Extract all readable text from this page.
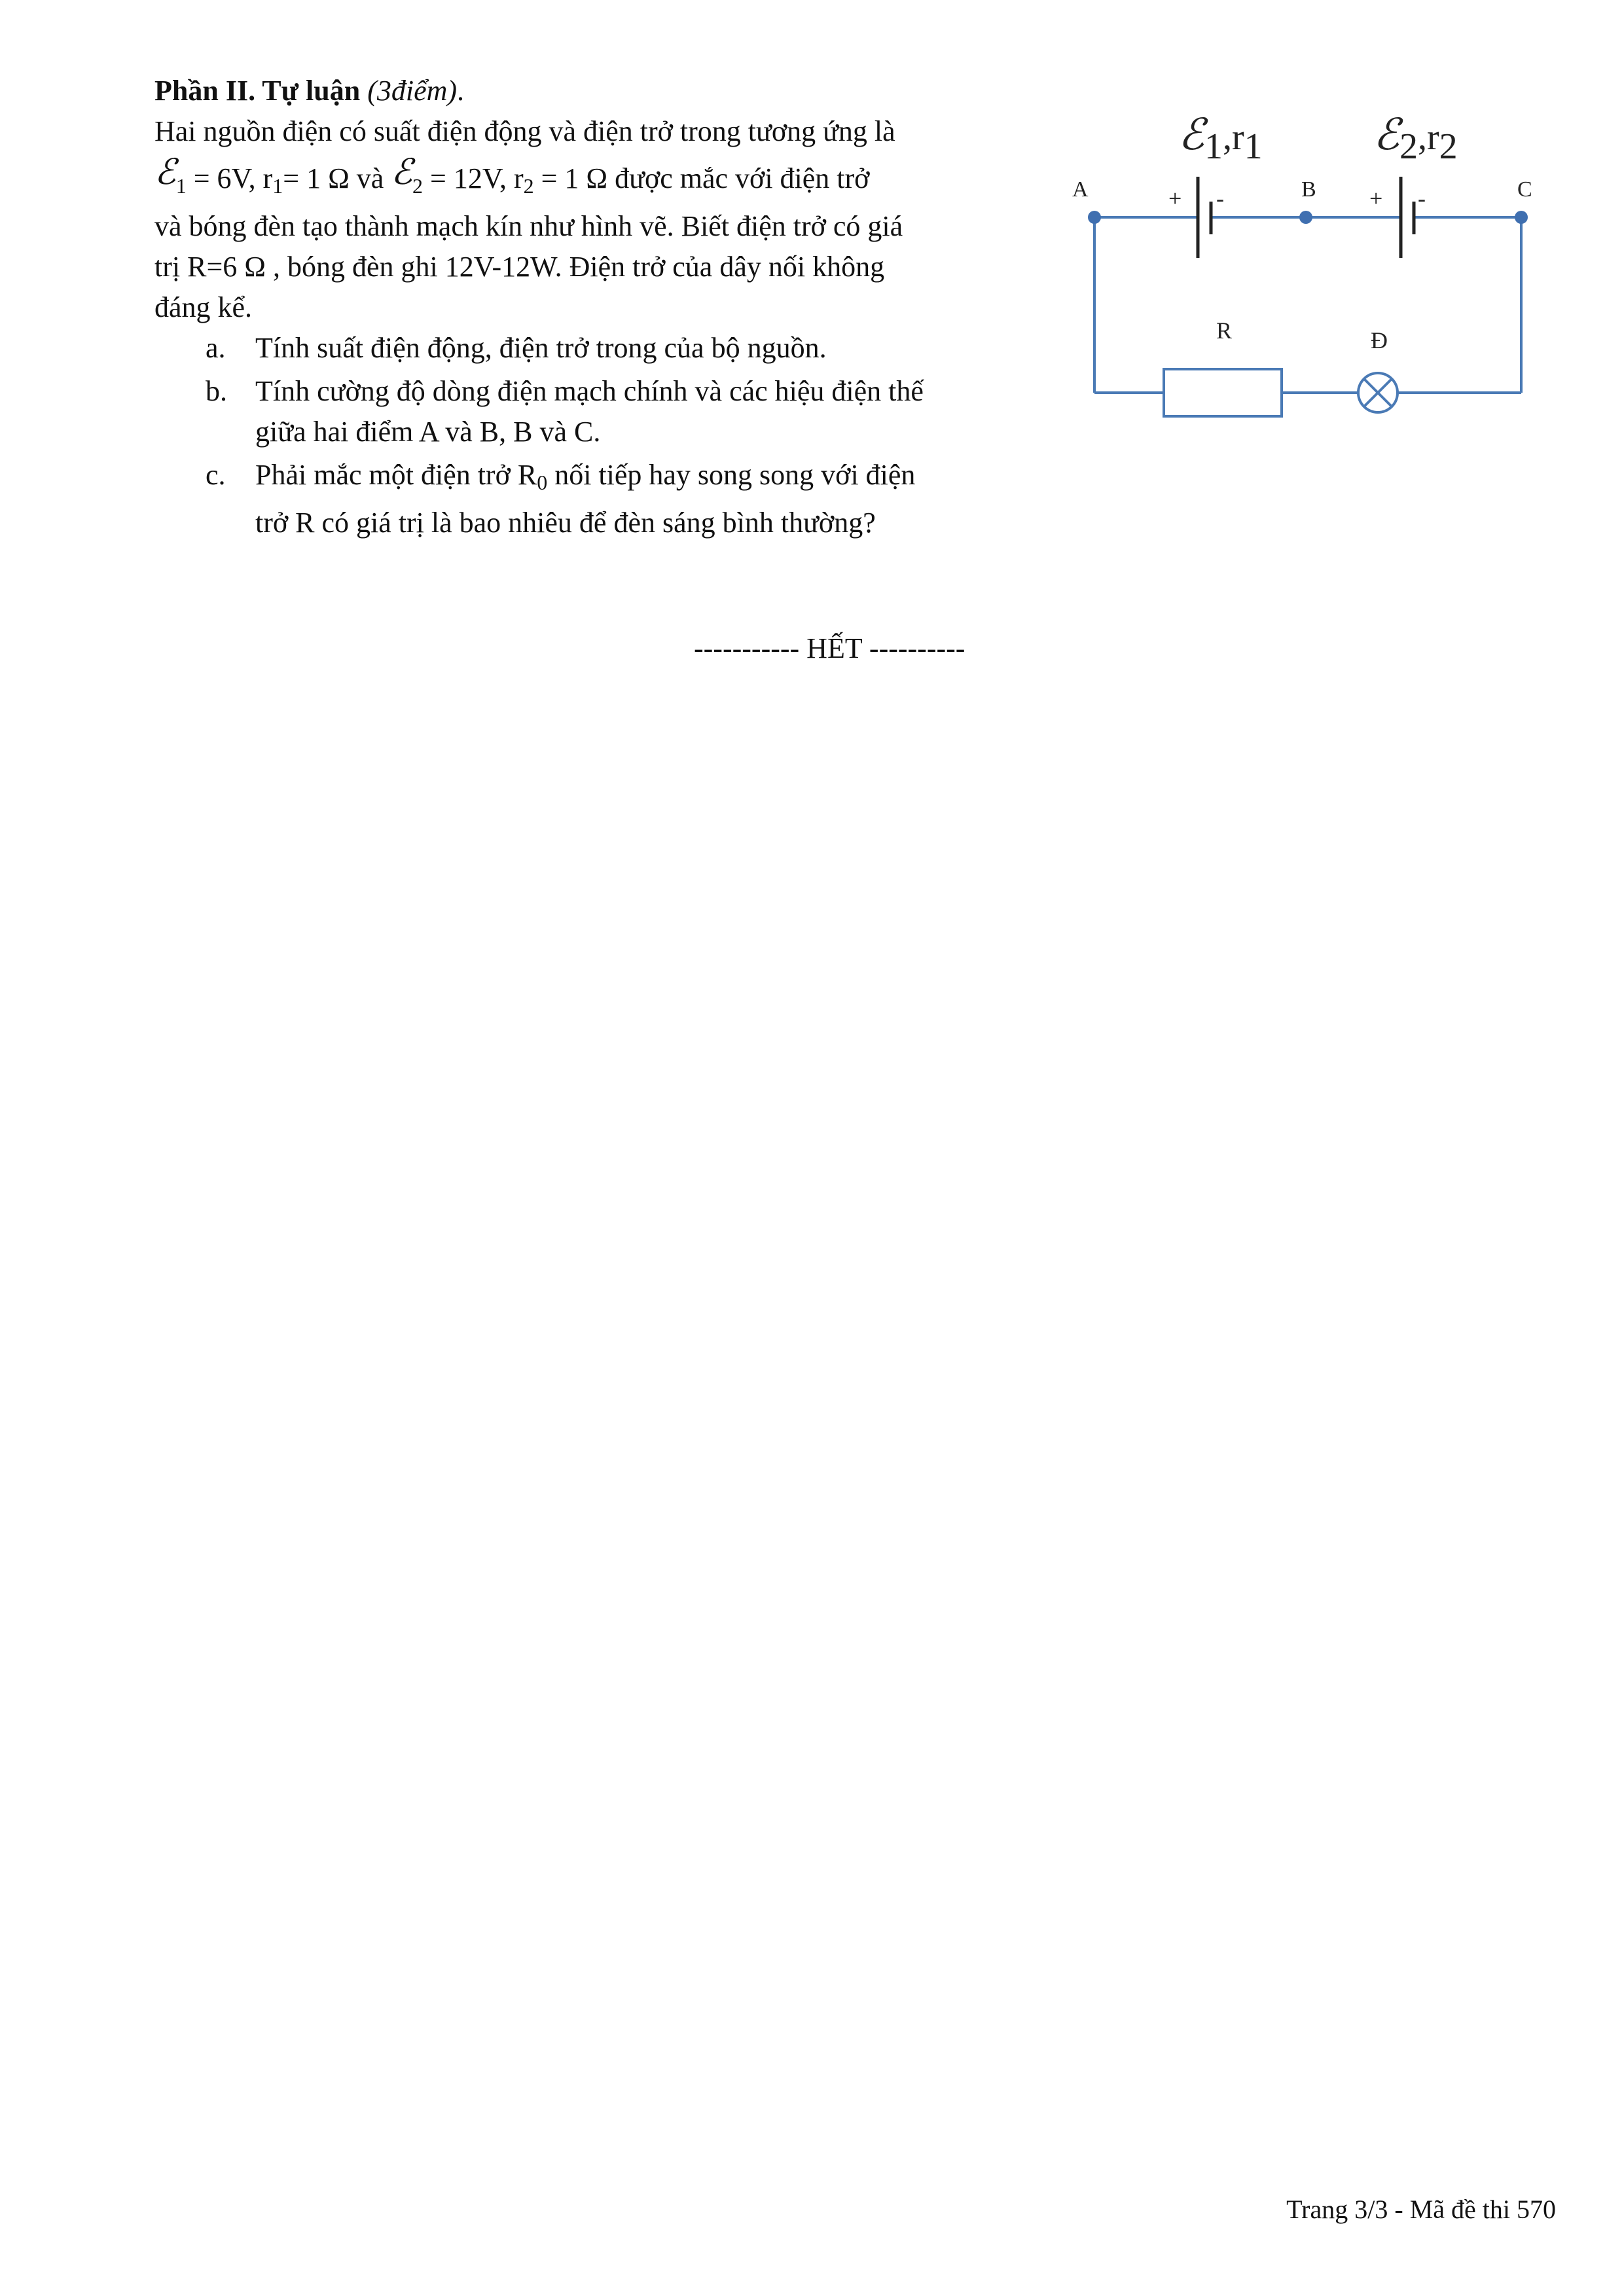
Phần II. Tự luận (3điểm).
Hai nguồn điện có suất điện động và điện trở trong tương ứng là
ℰ$_1$ = 6V, $r_1= 1$ Ω và ℰ$_2$ = 12V, $r_2 = 1$ Ω được mắc với điện trở
và bóng đèn tạo thành mạch kín như hình vẽ. Biết điện trở có giá
trị R=6 Ω , bóng đèn ghi 12V-12W. Điện trở của dây nối không
đáng kể.
a. Tính suất điện động, điện trở trong của bộ nguồn.
b. Tính cường độ dòng điện mạch chính và các hiệu điện thế
giữa hai điểm A và B, B và C.
c. Phải mắc một điện trở $R_0$ nối tiếp hay song song với điện
trở R có giá trị là bao nhiêu để đèn sáng bình thường?
----------- HẾT ----------
ℰ1,r1	ℰ2,r2
A	B	C
+ -	+ -
R	Đ
Trang 3/3 - Mã đề thi 570
